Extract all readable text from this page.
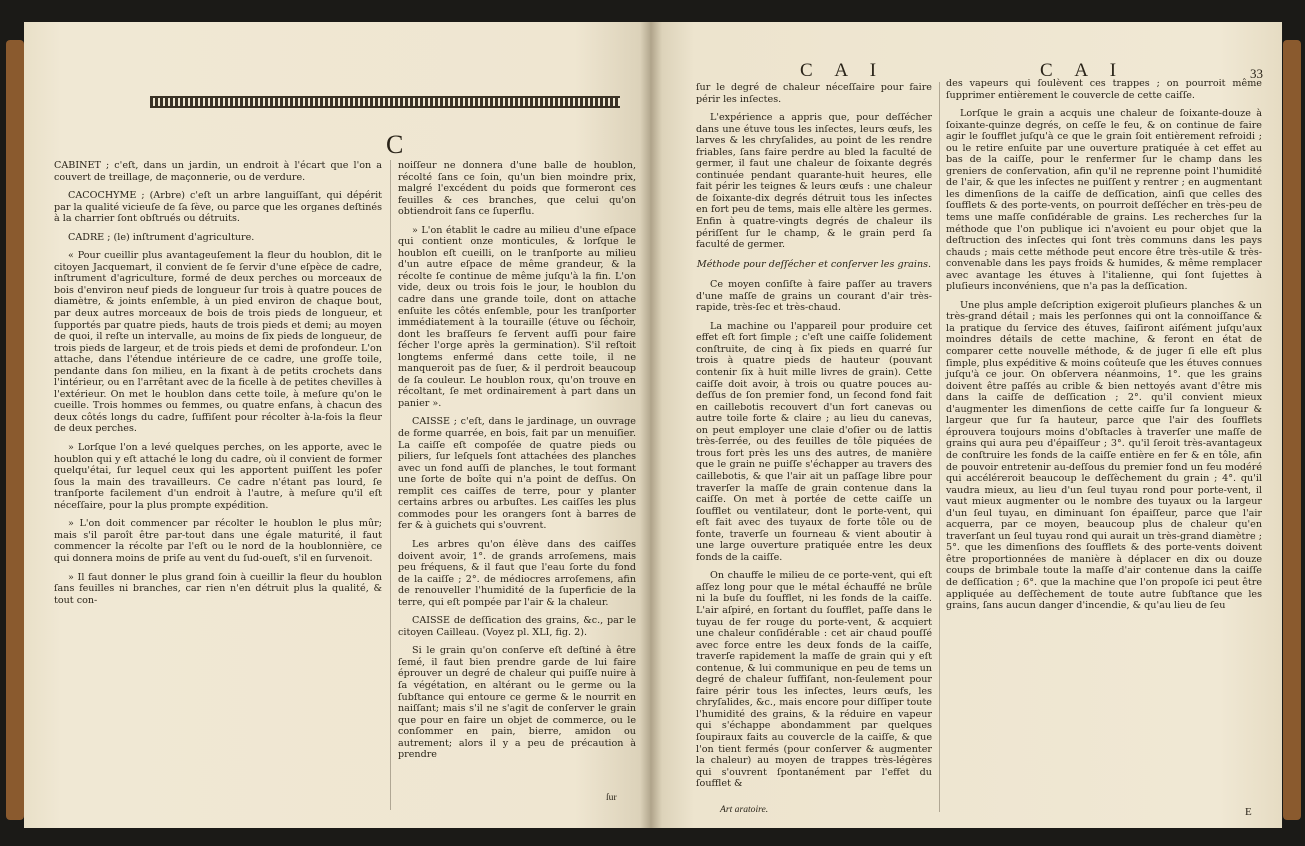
C

CABINET ; c'eſt, dans un jardin, un endroit à l'écart que l'on a couvert de treillage, de maçonnerie, ou de verdure.

CACOCHYME ; (Arbre) c'eſt un arbre languiſſant, qui dépérit par la qualité vicieuſe de ſa ſève, ou parce que les organes deſtinés à la charrier ſont obſtrués ou détruits.

CADRE ; (le) inſtrument d'agriculture.

« Pour cueillir plus avantageuſement la fleur du houblon, dit le citoyen Jacquemart, il convient de ſe ſervir d'une eſpèce de cadre, inſtrument d'agriculture, formé de deux perches ou morceaux de bois d'environ neuf pieds de longueur ſur trois à quatre pouces de diamètre, & joints enſemble, à un pied environ de chaque bout, par deux autres morceaux de bois de trois pieds de longueur, et ſupportés par quatre pieds, hauts de trois pieds et demi; au moyen de quoi, il reſte un intervalle, au moins de ſix pieds de longueur, de trois pieds de largeur, et de trois pieds et demi de profondeur. L'on attache, dans l'étendue intérieure de ce cadre, une groſſe toile, pendante dans ſon milieu, en la fixant à de petits crochets dans l'intérieur, ou en l'arrêtant avec de la ficelle à de petites chevilles à l'extérieur. On met le houblon dans cette toile, à meſure qu'on le cueille. Trois hommes ou femmes, ou quatre enfans, à chacun des deux côtés longs du cadre, ſuffiſent pour récolter à-la-fois la fleur de deux perches.

» Lorſque l'on a levé quelques perches, on les apporte, avec le houblon qui y eſt attaché le long du cadre, où il convient de former quelqu'étai, ſur lequel ceux qui les apportent puiſſent les poſer ſous la main des travailleurs. Ce cadre n'étant pas lourd, ſe tranſporte facilement d'un endroit à l'autre, à meſure qu'il eſt néceſſaire, pour la plus prompte expédition.

» L'on doit commencer par récolter le houblon le plus mûr; mais s'il paroît être par-tout dans une égale maturité, il faut commencer la récolte par l'eſt ou le nord de la houblonnière, ce qui donnera moins de priſe au vent du ſud-oueſt, s'il en ſurvenoit.

» Il faut donner le plus grand ſoin à cueillir la fleur du houblon ſans feuilles ni branches, car rien n'en détruit plus la qualité, & tout con-

noiſſeur ne donnera d'une balle de houblon, récolté ſans ce ſoin, qu'un bien moindre prix, malgré l'excédent du poids que formeront ces feuilles & ces branches, que celui qu'on obtiendroit ſans ce ſuperflu.

» L'on établit le cadre au milieu d'une eſpace qui contient onze monticules, & lorſque le houblon eſt cueilli, on le tranſporte au milieu d'un autre eſpace de même grandeur, & la récolte ſe continue de même juſqu'à la fin. L'on vide, deux ou trois fois le jour, le houblon du cadre dans une grande toile, dont on attache enſuite les côtés enſemble, pour les tranſporter immédiatement à la touraille (étuve ou ſéchoir, dont les braſſeurs ſe ſervent auſſi pour faire ſécher l'orge après la germination). S'il reſtoit longtems enfermé dans cette toile, il ne manqueroit pas de ſuer, & il perdroit beaucoup de ſa couleur. Le houblon roux, qu'on trouve en récoltant, ſe met ordinairement à part dans un panier ».

CAISSE ; c'eſt, dans le jardinage, un ouvrage de forme quarrée, en bois, fait par un menuiſier. La caiſſe eſt compoſée de quatre pieds ou piliers, ſur leſquels ſont attachées des planches avec un fond auſſi de planches, le tout formant une ſorte de boîte qui n'a point de deſſus. On remplit ces caiſſes de terre, pour y planter certains arbres ou arbuſtes. Les caiſſes les plus commodes pour les orangers ſont à barres de fer & à guichets qui s'ouvrent.

Les arbres qu'on élève dans des caiſſes doivent avoir, 1°. de grands arroſemens, mais peu fréquens, & il faut que l'eau ſorte du fond de la caiſſe ; 2°. de médiocres arroſemens, afin de renouveller l'humidité de la ſuperficie de la terre, qui eſt pompée par l'air & la chaleur.

CAISSE de deſſication des grains, &c., par le citoyen Cailleau. (Voyez pl. XLI, fig. 2).

Si le grain qu'on conſerve eſt deſtiné à être ſemé, il faut bien prendre garde de lui faire éprouver un degré de chaleur qui puiſſe nuire à ſa végétation, en altérant ou le germe ou la ſubſtance qui entoure ce germe & le nourrit en naiſſant; mais s'il ne s'agit de conſerver le grain que pour en faire un objet de commerce, ou le conſommer en pain, bierre, amidon ou autrement; alors il y a peu de précaution à prendre

ſur
C A I	C A I	33

ſur le degré de chaleur néceſſaire pour faire périr les inſectes.

L'expérience a appris que, pour deſſécher dans une étuve tous les inſectes, leurs œufs, les larves & les chryſalides, au point de les rendre friables, ſans faire perdre au bled la faculté de germer, il faut une chaleur de ſoixante degrés continuée pendant quarante-huit heures, elle fait périr les teignes & leurs œufs : une chaleur de ſoixante-dix degrés détruit tous les inſectes en fort peu de tems, mais elle altère les germes. Enfin à quatre-vingts degrés de chaleur ils périſſent ſur le champ, & le grain perd ſa faculté de germer.

Méthode pour deſſécher et conſerver les grains.

Ce moyen conſiſte à faire paſſer au travers d'une maſſe de grains un courant d'air très-rapide, très-ſec et très-chaud.

La machine ou l'appareil pour produire cet effet eſt fort ſimple ; c'eſt une caiſſe ſolidement conſtruite, de cinq à ſix pieds en quarré ſur trois à quatre pieds de hauteur (pouvant contenir ſix à huit mille livres de grain). Cette caiſſe doit avoir, à trois ou quatre pouces au-deſſus de ſon premier fond, un ſecond fond fait en caillebotis recouvert d'un fort canevas ou autre toile forte & claire ; au lieu du canevas, on peut employer une claie d'oſier ou de lattis très-ſerrée, ou des feuilles de tôle piquées de trous fort près les uns des autres, de manière que le grain ne puiſſe s'échapper au travers des caillebotis, & que l'air ait un paſſage libre pour traverſer la maſſe de grain contenue dans la caiſſe. On met à portée de cette caiſſe un ſoufflet ou ventilateur, dont le porte-vent, qui eſt fait avec des tuyaux de forte tôle ou de fonte, traverſe un fourneau & vient aboutir à une large ouverture pratiquée entre les deux fonds de la caiſſe.

On chauffe le milieu de ce porte-vent, qui eſt aſſez long pour que le métal échauffé ne brûle ni la buſe du ſoufflet, ni les fonds de la caiſſe. L'air aſpiré, en ſortant du ſoufflet, paſſe dans le tuyau de fer rouge du porte-vent, & acquiert une chaleur conſidérable : cet air chaud pouſſé avec force entre les deux fonds de la caiſſe, traverſe rapidement la maſſe de grain qui y eſt contenue, & lui communique en peu de tems un degré de chaleur ſuffiſant, non-ſeulement pour faire périr tous les inſectes, leurs œufs, les chryſalides, &c., mais encore pour diſſiper toute l'humidité des grains, & la réduire en vapeur qui s'échappe abondamment par quelques ſoupiraux faits au couvercle de la caiſſe, & que l'on tient fermés (pour conſerver & augmenter la chaleur) au moyen de trappes très-légères qui s'ouvrent ſpontanément par l'effet du ſoufflet &

des vapeurs qui ſoulèvent ces trappes ; on pourroit même ſupprimer entièrement le couvercle de cette caiſſe.

Lorſque le grain a acquis une chaleur de ſoixante-douze à ſoixante-quinze degrés, on ceſſe le feu, & on continue de faire agir le ſoufflet juſqu'à ce que le grain ſoit entièrement refroidi ; ou le retire enſuite par une ouverture pratiquée à cet effet au bas de la caiſſe, pour le renfermer ſur le champ dans les greniers de conſervation, afin qu'il ne reprenne point l'humidité de l'air, & que les inſectes ne puiſſent y rentrer ; en augmentant les dimenſions de la caiſſe de deſſication, ainſi que celles des ſoufflets & des porte-vents, on pourroit deſſécher en très-peu de tems une maſſe conſidérable de grains. Les recherches ſur la méthode que l'on publique ici n'avoient eu pour objet que la deſtruction des inſectes qui ſont très communs dans les pays chauds ; mais cette méthode peut encore être très-utile & très-convenable dans les pays froids & humides, & même remplacer avec avantage les étuves à l'italienne, qui ſont ſujettes à pluſieurs inconvéniens, que n'a pas la deſſication.

Une plus ample deſcription exigeroit pluſieurs planches & un très-grand détail ; mais les perſonnes qui ont la connoiſſance & la pratique du ſervice des étuves, ſaiſiront aiſément juſqu'aux moindres détails de cette machine, & feront en état de comparer cette nouvelle méthode, & de juger ſi elle eſt plus ſimple, plus expéditive & moins coûteuſe que les étuves connues juſqu'à ce jour. On obſervera néanmoins, 1°. que les grains doivent être paſſés au crible & bien nettoyés avant d'être mis dans la caiſſe de deſſication ; 2°. qu'il convient mieux d'augmenter les dimenſions de cette caiſſe ſur ſa longueur & largeur que ſur ſa hauteur, parce que l'air des ſoufflets éprouvera toujours moins d'obſtacles à traverſer une maſſe de grains qui aura peu d'épaiſſeur ; 3°. qu'il ſeroit très-avantageux de conſtruire les fonds de la caiſſe entière en fer & en tôle, afin de pouvoir entretenir au-deſſous du premier fond un feu modéré qui accéléreroit beaucoup le deſſèchement du grain ; 4°. qu'il vaudra mieux, au lieu d'un ſeul tuyau rond pour porte-vent, il vaut mieux augmenter ou le nombre des tuyaux ou la largeur d'un ſeul tuyau, en diminuant ſon épaiſſeur, parce que l'air acquerra, par ce moyen, beaucoup plus de chaleur qu'en traverſant un ſeul tuyau rond qui aurait un très-grand diamètre ; 5°. que les dimenſions des ſoufflets & des porte-vents doivent être proportionnées de manière à déplacer en dix ou douze coups de brimbale toute la maſſe d'air contenue dans la caiſſe de deſſication ; 6°. que la machine que l'on propoſe ici peut être appliquée au deſſèchement de toute autre ſubſtance que les grains, ſans aucun danger d'incendie, & qu'au lieu de ſeu

Art aratoire.	E
